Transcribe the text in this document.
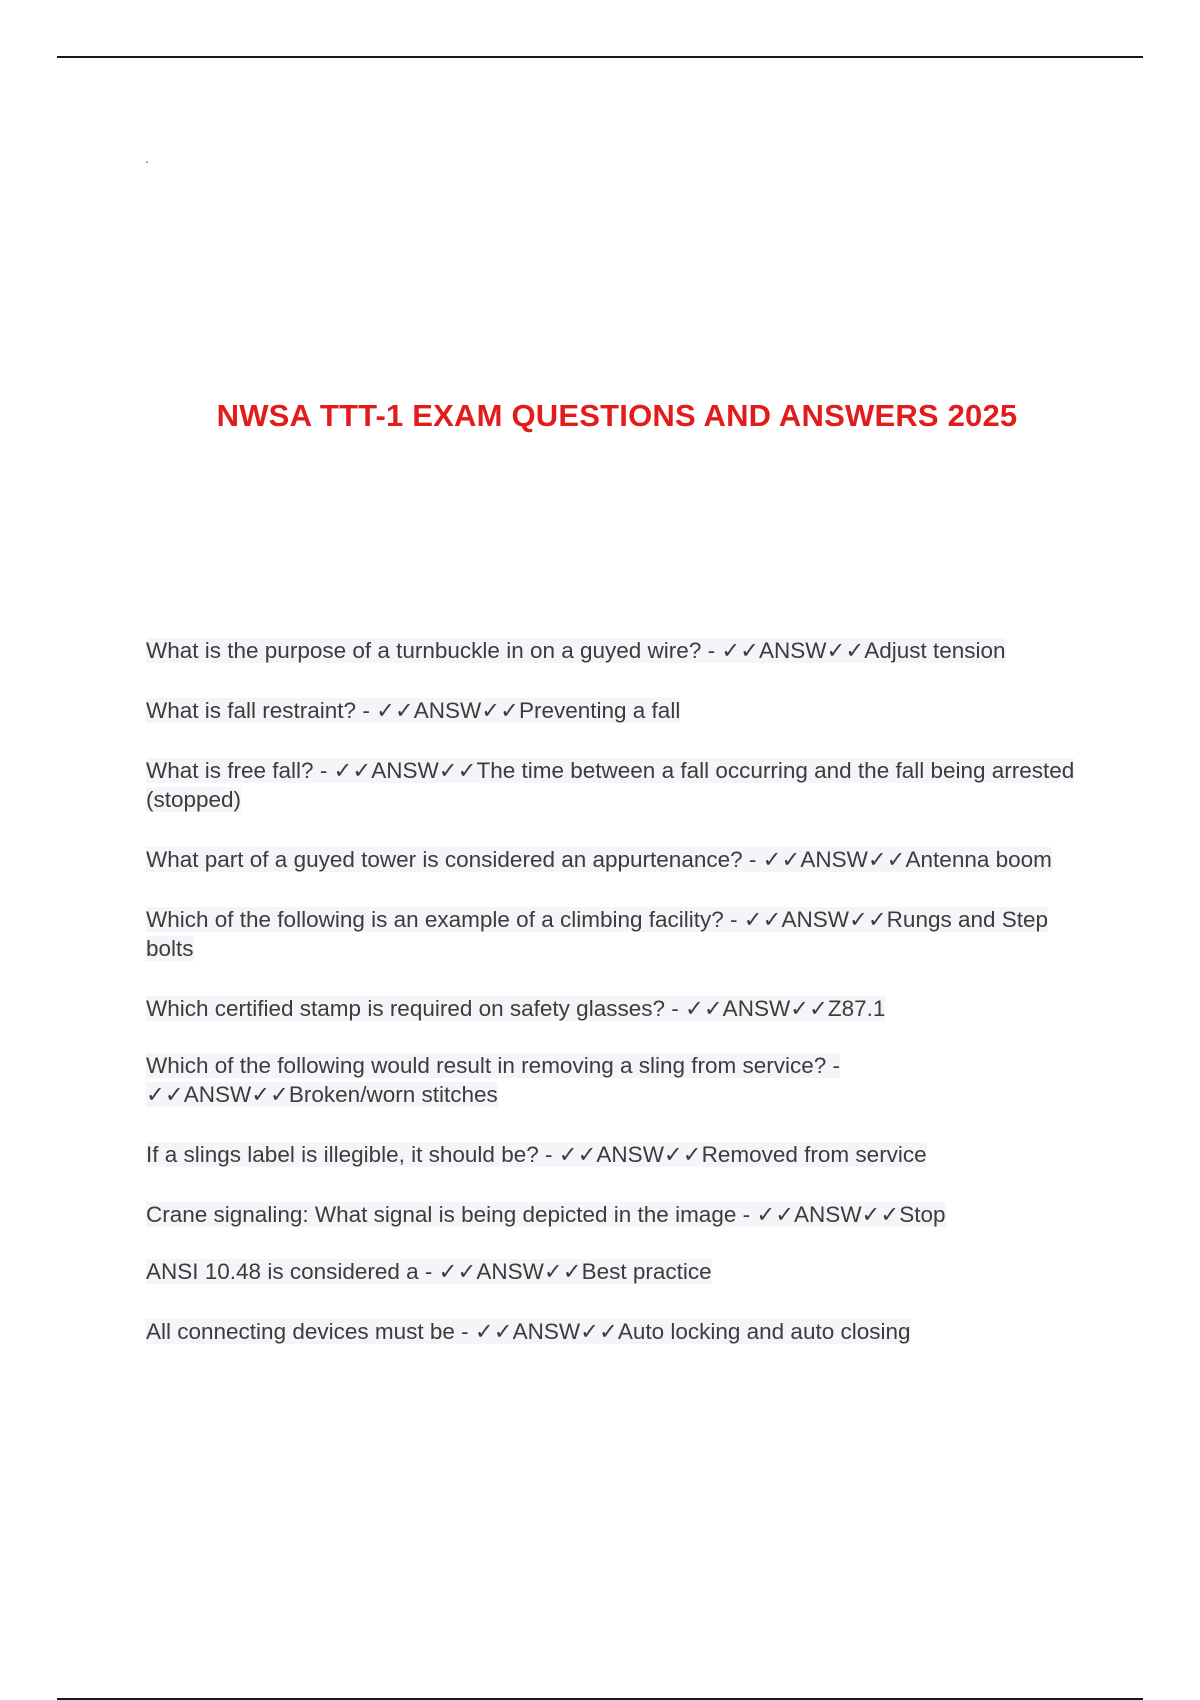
.
NWSA TTT-1 EXAM QUESTIONS AND ANSWERS 2025
What is the purpose of a turnbuckle in on a guyed wire? - ✓✓ANSW✓✓Adjust tension
What is fall restraint? - ✓✓ANSW✓✓Preventing a fall
What is free fall? - ✓✓ANSW✓✓The time between a fall occurring and the fall being arrested (stopped)
What part of a guyed tower is considered an appurtenance? - ✓✓ANSW✓✓Antenna boom
Which of the following is an example of a climbing facility? - ✓✓ANSW✓✓Rungs and Step bolts
Which certified stamp is required on safety glasses? - ✓✓ANSW✓✓Z87.1
Which of the following would result in removing a sling from service? - ✓✓ANSW✓✓Broken/worn stitches
If a slings label is illegible, it should be? - ✓✓ANSW✓✓Removed from service
Crane signaling: What signal is being depicted in the image - ✓✓ANSW✓✓Stop
ANSI 10.48 is considered a - ✓✓ANSW✓✓Best practice
All connecting devices must be - ✓✓ANSW✓✓Auto locking and auto closing
